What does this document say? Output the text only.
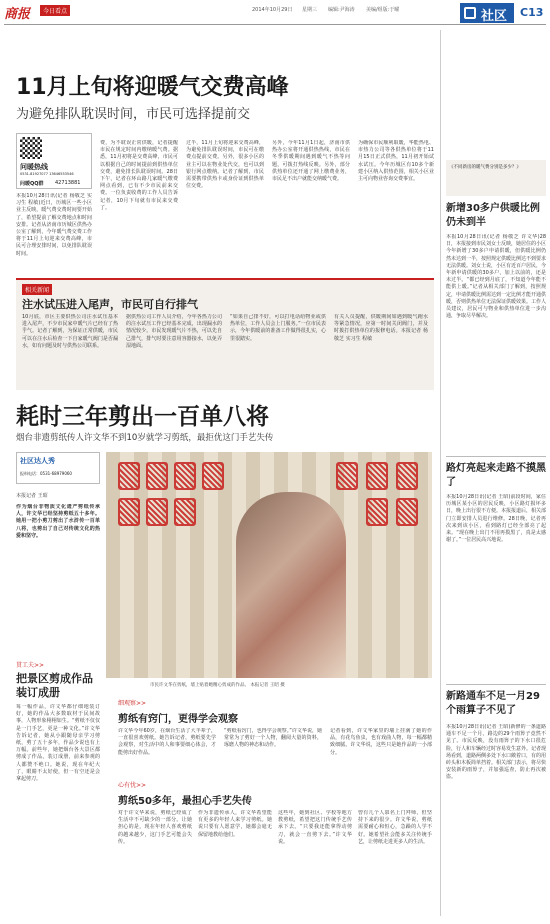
商报	今日看点	2014年10月29日 星期三 编辑:尹海涛 美编/组版:于曜	社区 C13
11月上旬将迎暖气交费高峰
为避免排队耽误时间，市民可选择提前交
问暖热线
0531-81927077 13646553546
问暖QQ群 42713881
本报10月28日讯(记者 杨敬芝 实习生 程敏)近日，历城区一些小区业主反映，暖气费交费时间要开始了，希望提前了解交费地点和时间安排。记者从济南市历城区供热办公室了解到，今年暖气费交费工作将于11月上旬迎来交费高峰，市民可合理安排时间，以免排队耽误时间。
费，为不耽误正常供暖，记者提醒市民在规定时间内缴纳暖气费。据悉，11月初将是交费高峰，市民可以根据自己的时间提前到供热单位交费，避免排长队耽误时间。28日下午，记者在环山路几家暖气缴费网点看到，已有不少市民前来交费。一位负责收费的工作人员告诉记者，10月下旬就有市民来交费了。
过半，11月上旬将迎来交费高峰，为避免排队耽误时间，市民可在缴费点提前交费。另外，很多小区的业主可以在物业处代交，也可以到银行网点缴纳。记者了解到，市民需要携带供热卡或身份证到供热单位交费。
另外，今年11月1日起，济南市供热办公室将开通供热热线，市民在冬季供暖期间遇到暖气不热等问题，可拨打热线反映。另外，部分供热单位还开通了网上缴费业务，市民足不出户就能交纳暖气费。
为确保市民顺利取暖，华能热电、市热力公司等各供热单位将于11月15日正式供热，11月初开始试水试压。今年历城区有10多个新建小区纳入供热范围，相关小区业主可向物业咨询交费事宜。
相关新闻
注水试压进入尾声，市民可自行排气
10月底，市区主要供热公司注水试压基本进入尾声，不少市民家中暖气片已经有了热乎气。记者了解到，为保证正常供暖，市民可以在注水后检查一下自家暖气阀门是否漏水，如有问题及时与供热公司联系。
据供热公司工作人员介绍，今年各热力公司的注水试压工作已经基本完成，出现漏水的情况较少。市民发现暖气片不热，可以先自己排气，排气时要注意用容器接水，以免弄湿地面。
“如果自己排不好，可以打电话给物业或供热单位，工作人员会上门服务。”一位市民表示，今年供暖前的准备工作做得很扎实，心里很踏实。
有关人员提醒，供暖期间如遇到暖气跑水等紧急情况，应第一时间关闭阀门，并及时拨打供热单位的报修电话。本报记者 杨敬芝 实习生 程敏
耗时三年剪出一百单八将
烟台非遗剪纸传人许文华不到10岁就学习剪纸，最拒优这门手艺失传
社区达人秀
报料电话：0531-68979060
本报记者 王昭
作为烟台非物质文化遗产剪纸传承人，许文华已经坚持剪纸五十多年。她用一把小剪刀剪出了水浒传一百单八将，也剪出了自己对传统文化的热爱和坚守。
市民许文华在剪纸，墙上贴着她精心剪成的作品。 本报记者 王昭 摄
贯工夫>>
把景区剪成作品装订成册
每一幅作品，许文华都仔细地装订好，她的作品大多数取材于民间故事，人物形象栩栩如生。“剪纸不仅仅是一门手艺，更是一种文化。”许文华告诉记者，她从小跟随母亲学习剪纸，剪了五十多年，作品少说也有上万幅。前些年，她把烟台各大景区都剪成了作品，装订成册，前来参观的人都赞不绝口。她说，现在年纪大了，眼睛不太好使，但一有空还是会拿起剪刀。
细观察>>
剪纸有窍门，更得学会观察
许文华今年60岁，在烟台生活了大半辈子，一直很喜欢剪纸。她告诉记者，剪纸要先学会观察，对生活中的人和事要细心体会，才能剪出好作品。
“剪纸看窍门，也得学会观察。”许文华说，她常常为了剪好一个人物，翻阅大量的资料，琢磨人物的神态和动作。
记者看到，许文华家里的墙上挂满了她的作品，有花鸟鱼虫，也有戏曲人物，每一幅都精致细腻。许文华说，这些只是她作品的一小部分。
心有忧>>
剪纸50多年，最担心手艺失传
对于许文华来说，剪纸已经成了生活中不可缺少的一部分。让她担心的是，现在年轻人喜欢剪纸的越来越少，这门手艺可能会失传。
作为非遗传承人，许文华希望能有更多的年轻人来学习剪纸。她说只要有人愿意学，她都会毫无保留地教给他们。
这些年，她到社区、学校等地方教剪纸，希望把这门传统手艺传承下去。“只要我还能拿得动剪刀，就会一直剪下去。”许文华说。
曾有几个人慕名上门拜师，但坚持下来的很少。许文华说，剪纸需要耐心和恒心，急躁的人学不好。她希望社会能多关注传统手艺，让剪纸走进更多人的生活。
《不同新房的暖气费分别是多少？》
新增30多户供暖比例仍未到半
本报10月28日讯(记者 杨敬芝 许文华)28日，本报接到市民刘女士反映，她居住的小区今年新增了30多户申请供暖，但供暖比例仍然未达到一半，按照规定供暖比例达不到要求无法供暖。刘女士说，小区有近百户居民，今年新申请供暖的30多户，加上以前的，还是未过半。“都已经到月底了，不知道今年能不能供上暖。”记者从相关部门了解到，按照规定，申请供暖比例需达到一定比例才能开通供暖，否则供热单位无法保证供暖效果。工作人员建议，居民可与物业和供热单位进一步沟通，争取尽早解决。
路灯亮起来走路不摸黑了
本报10月28日讯(记者 王昭)前段时间，家住历城区某小区的居民反映，小区路灯损坏多日，晚上出行很不方便。本报报道后，相关部门立即安排人员进行维修。28日晚，记者再次来到该小区，看到路灯已经全部亮了起来。“现在晚上出门不用再摸黑了，真是太感谢了。”一位居民高兴地说。
新路通车不足一月29个雨算子不见了
本报10月28日讯(记者 王昭)新修的一条道路通车不足一个月，路边的29个雨箅子竟然不见了。市民反映，没有雨箅子的下水口很危险，行人和车辆经过时容易发生意外。记者现场看到，道路两侧多处下水口敞着口，有的用砖头和木板简单挡着。相关部门表示，将尽快安装新的雨箅子，并加强巡查，防止再次被盗。
